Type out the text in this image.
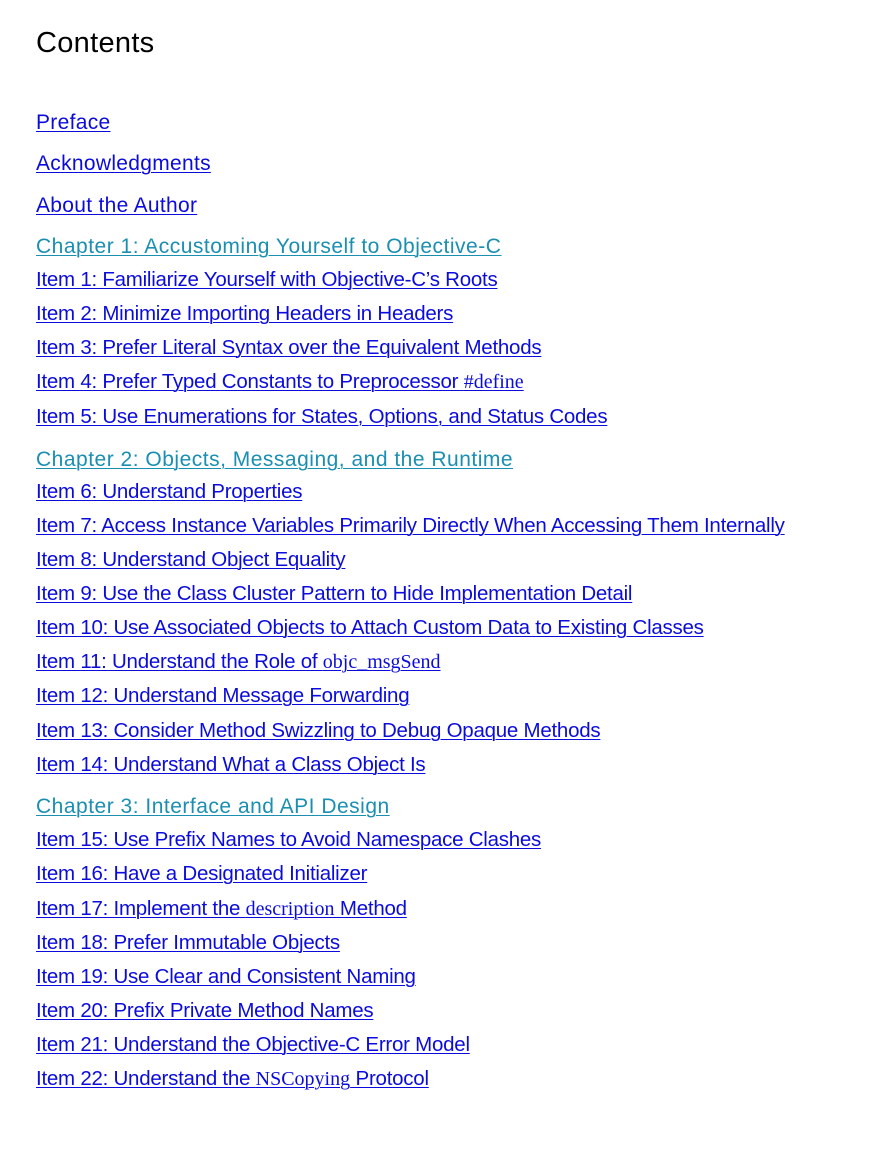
Contents
Preface
Acknowledgments
About the Author
Chapter 1: Accustoming Yourself to Objective-C
Item 1: Familiarize Yourself with Objective-C’s Roots
Item 2: Minimize Importing Headers in Headers
Item 3: Prefer Literal Syntax over the Equivalent Methods
Item 4: Prefer Typed Constants to Preprocessor #define
Item 5: Use Enumerations for States, Options, and Status Codes
Chapter 2: Objects, Messaging, and the Runtime
Item 6: Understand Properties
Item 7: Access Instance Variables Primarily Directly When Accessing Them Internally
Item 8: Understand Object Equality
Item 9: Use the Class Cluster Pattern to Hide Implementation Detail
Item 10: Use Associated Objects to Attach Custom Data to Existing Classes
Item 11: Understand the Role of objc_msgSend
Item 12: Understand Message Forwarding
Item 13: Consider Method Swizzling to Debug Opaque Methods
Item 14: Understand What a Class Object Is
Chapter 3: Interface and API Design
Item 15: Use Prefix Names to Avoid Namespace Clashes
Item 16: Have a Designated Initializer
Item 17: Implement the description Method
Item 18: Prefer Immutable Objects
Item 19: Use Clear and Consistent Naming
Item 20: Prefix Private Method Names
Item 21: Understand the Objective-C Error Model
Item 22: Understand the NSCopying Protocol
